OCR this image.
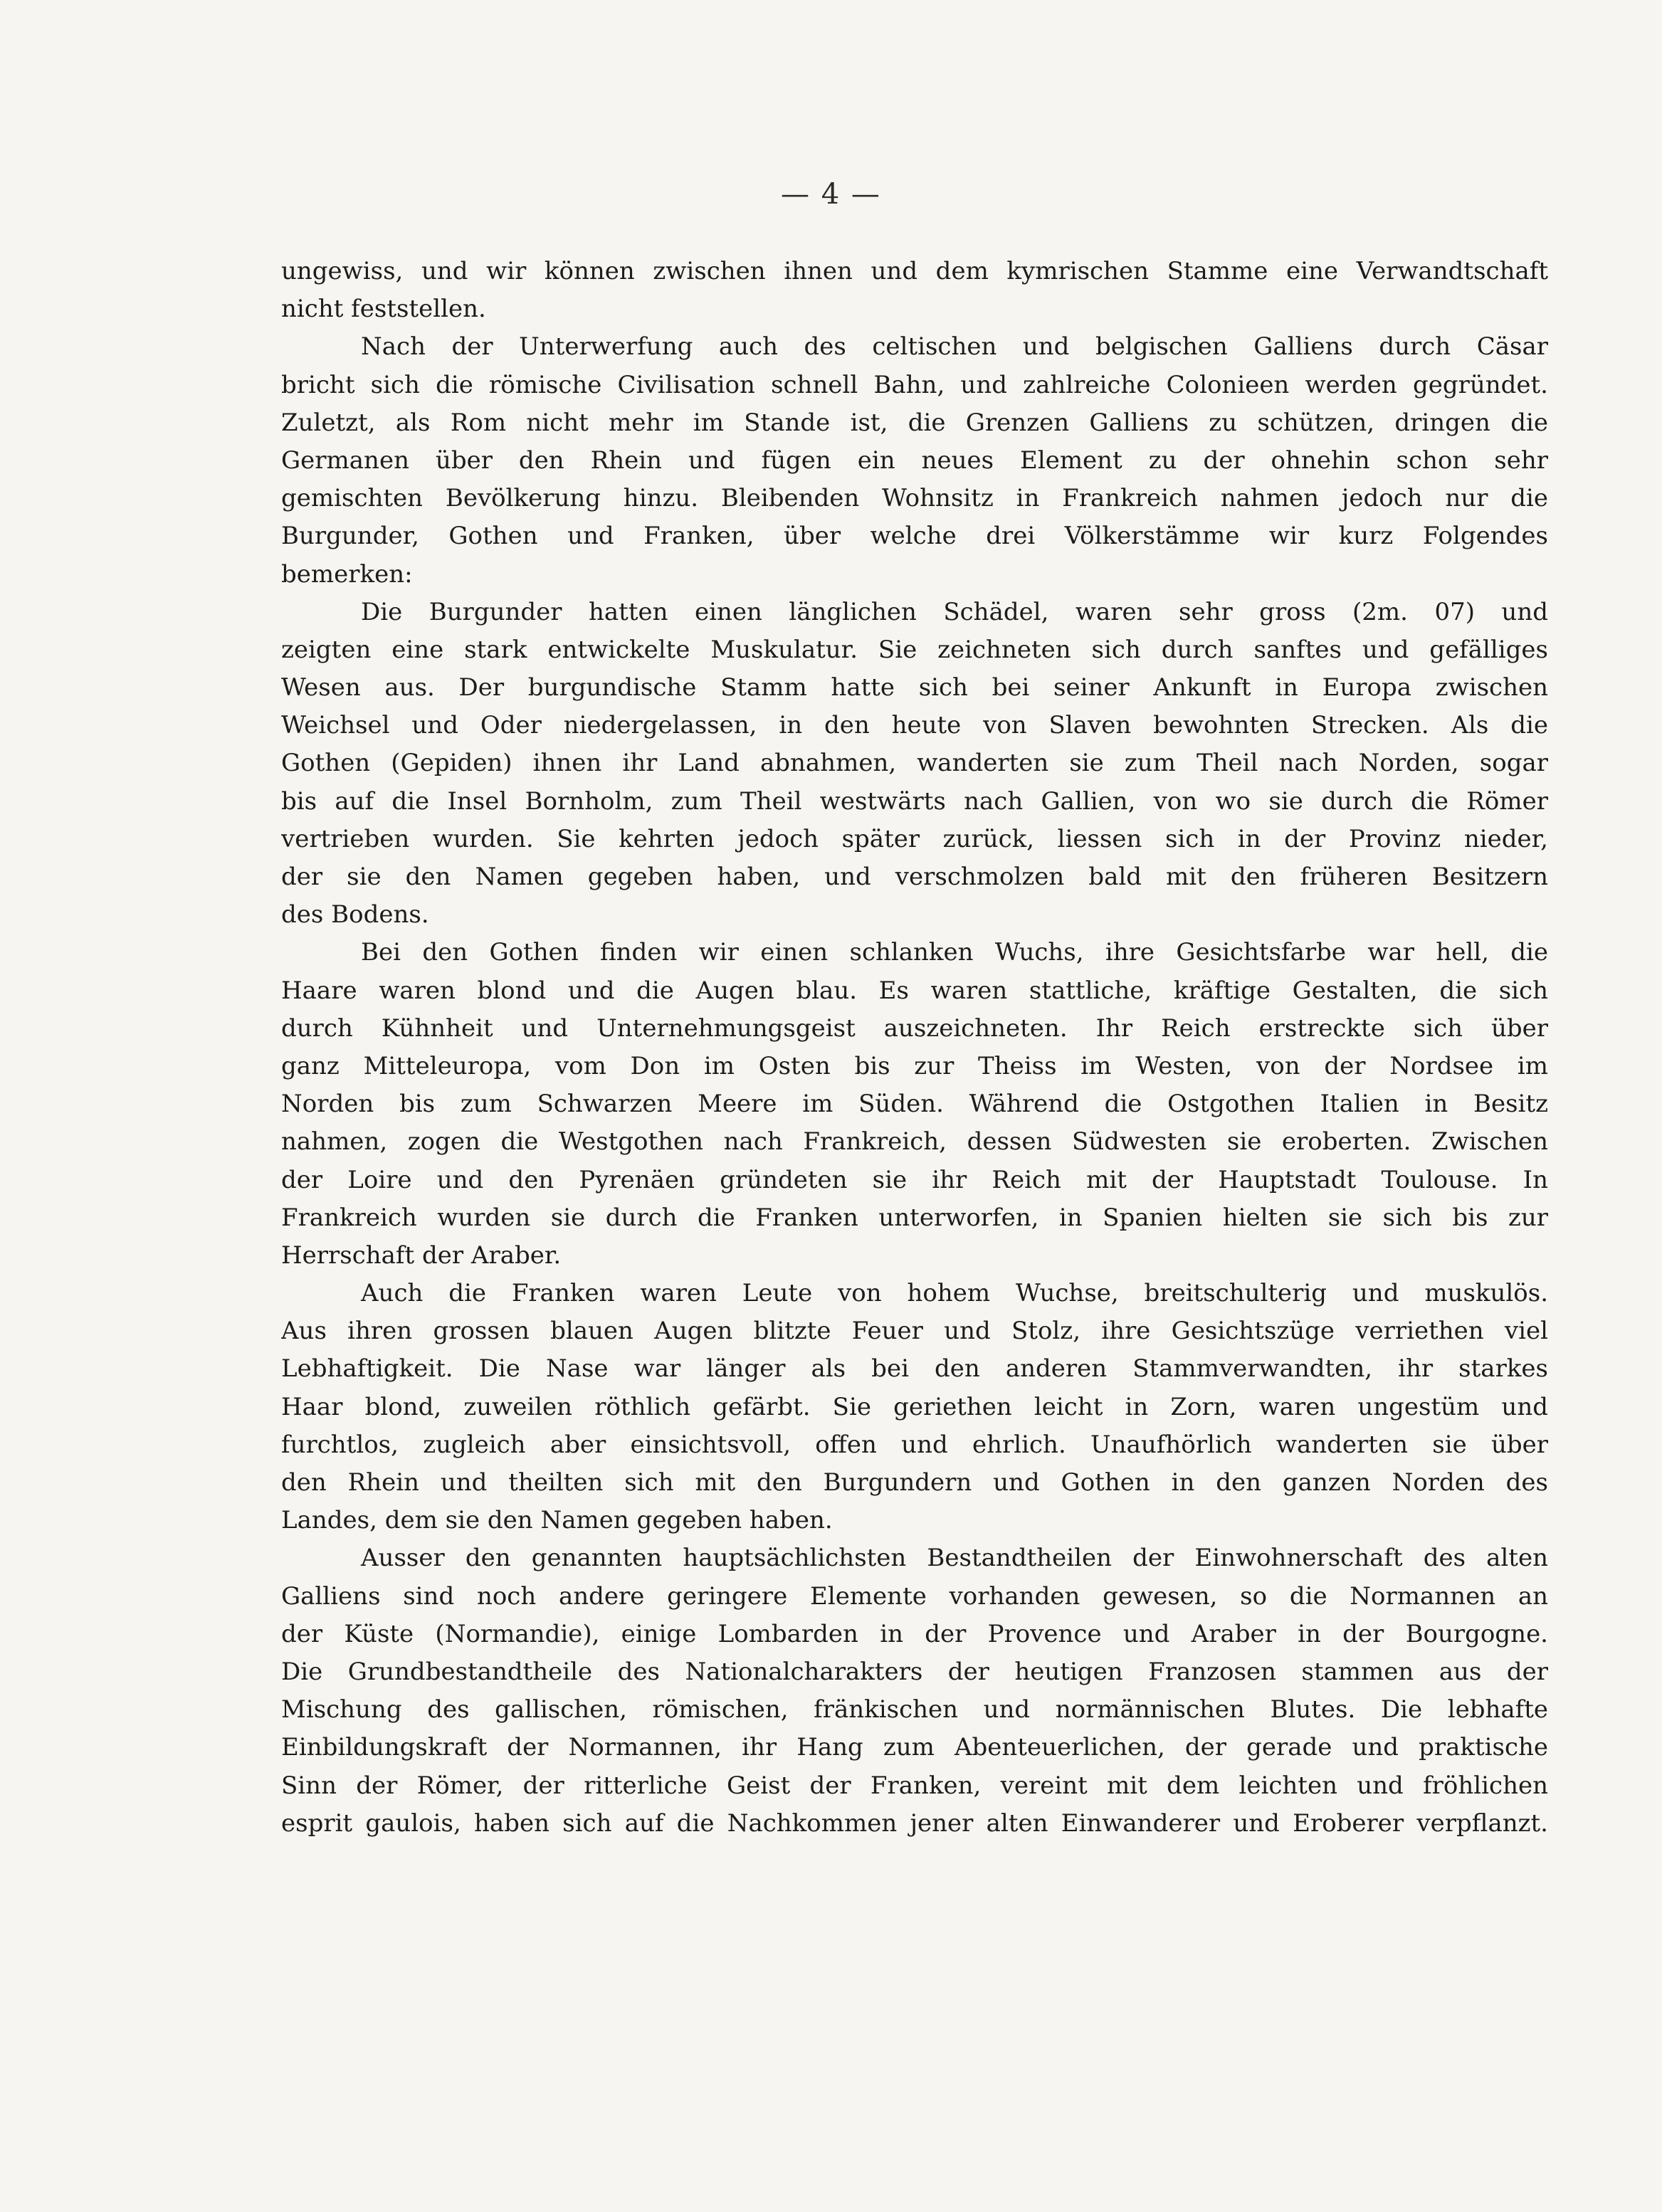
— 4 —
ungewiss, und wir können zwischen ihnen und dem kymrischen Stamme eine Verwandtschaft
nicht feststellen.
Nach der Unterwerfung auch des celtischen und belgischen Galliens durch Cäsar
bricht sich die römische Civilisation schnell Bahn, und zahlreiche Colonieen werden gegründet.
Zuletzt, als Rom nicht mehr im Stande ist, die Grenzen Galliens zu schützen, dringen die
Germanen über den Rhein und fügen ein neues Element zu der ohnehin schon sehr
gemischten Bevölkerung hinzu. Bleibenden Wohnsitz in Frankreich nahmen jedoch nur die
Burgunder, Gothen und Franken, über welche drei Völkerstämme wir kurz Folgendes
bemerken:
Die Burgunder hatten einen länglichen Schädel, waren sehr gross (2m. 07) und
zeigten eine stark entwickelte Muskulatur. Sie zeichneten sich durch sanftes und gefälliges
Wesen aus. Der burgundische Stamm hatte sich bei seiner Ankunft in Europa zwischen
Weichsel und Oder niedergelassen, in den heute von Slaven bewohnten Strecken. Als die
Gothen (Gepiden) ihnen ihr Land abnahmen, wanderten sie zum Theil nach Norden, sogar
bis auf die Insel Bornholm, zum Theil westwärts nach Gallien, von wo sie durch die Römer
vertrieben wurden. Sie kehrten jedoch später zurück, liessen sich in der Provinz nieder,
der sie den Namen gegeben haben, und verschmolzen bald mit den früheren Besitzern
des Bodens.
Bei den Gothen finden wir einen schlanken Wuchs, ihre Gesichtsfarbe war hell, die
Haare waren blond und die Augen blau. Es waren stattliche, kräftige Gestalten, die sich
durch Kühnheit und Unternehmungsgeist auszeichneten. Ihr Reich erstreckte sich über
ganz Mitteleuropa, vom Don im Osten bis zur Theiss im Westen, von der Nordsee im
Norden bis zum Schwarzen Meere im Süden. Während die Ostgothen Italien in Besitz
nahmen, zogen die Westgothen nach Frankreich, dessen Südwesten sie eroberten. Zwischen
der Loire und den Pyrenäen gründeten sie ihr Reich mit der Hauptstadt Toulouse. In
Frankreich wurden sie durch die Franken unterworfen, in Spanien hielten sie sich bis zur
Herrschaft der Araber.
Auch die Franken waren Leute von hohem Wuchse, breitschulterig und muskulös.
Aus ihren grossen blauen Augen blitzte Feuer und Stolz, ihre Gesichtszüge verriethen viel
Lebhaftigkeit. Die Nase war länger als bei den anderen Stammverwandten, ihr starkes
Haar blond, zuweilen röthlich gefärbt. Sie geriethen leicht in Zorn, waren ungestüm und
furchtlos, zugleich aber einsichtsvoll, offen und ehrlich. Unaufhörlich wanderten sie über
den Rhein und theilten sich mit den Burgundern und Gothen in den ganzen Norden des
Landes, dem sie den Namen gegeben haben.
Ausser den genannten hauptsächlichsten Bestandtheilen der Einwohnerschaft des alten
Galliens sind noch andere geringere Elemente vorhanden gewesen, so die Normannen an
der Küste (Normandie), einige Lombarden in der Provence und Araber in der Bourgogne.
Die Grundbestandtheile des Nationalcharakters der heutigen Franzosen stammen aus der
Mischung des gallischen, römischen, fränkischen und normännischen Blutes. Die lebhafte
Einbildungskraft der Normannen, ihr Hang zum Abenteuerlichen, der gerade und praktische
Sinn der Römer, der ritterliche Geist der Franken, vereint mit dem leichten und fröhlichen
esprit gaulois, haben sich auf die Nachkommen jener alten Einwanderer und Eroberer verpflanzt.
